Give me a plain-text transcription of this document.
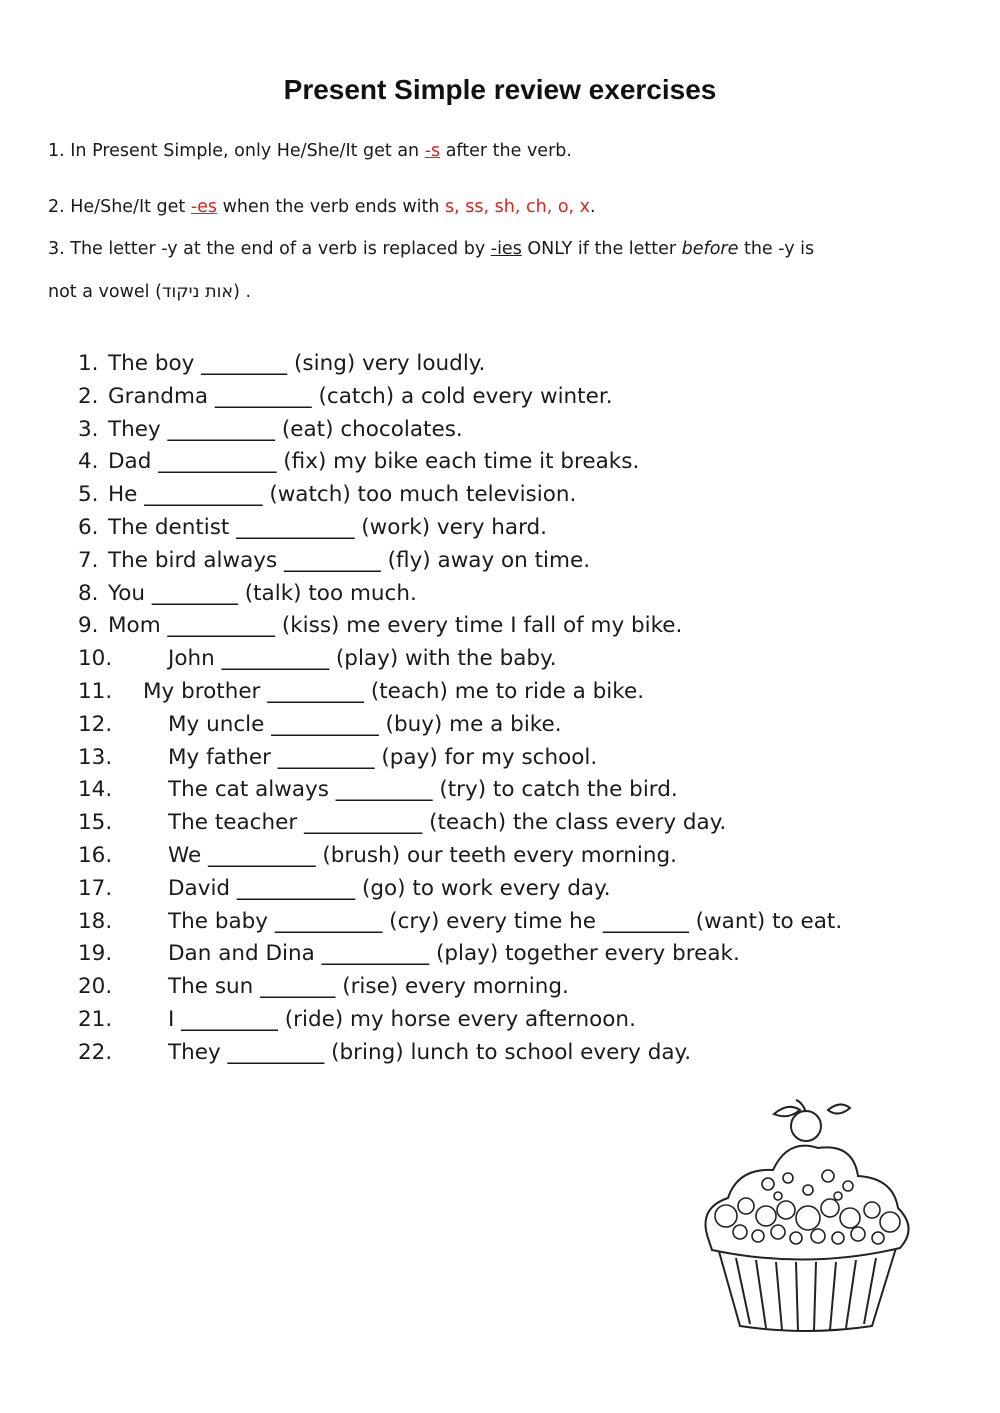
Present Simple review exercises
1. In Present Simple, only He/She/It get an -s after the verb.
2. He/She/It get -es when the verb ends with s, ss, sh, ch, o, x.
3. The letter -y at the end of a verb is replaced by -ies ONLY if the letter before the -y is
not a vowel (אות ניקוד) .
1. The boy ________ (sing) very loudly.
2. Grandma _________ (catch) a cold every winter.
3. They __________ (eat) chocolates.
4. Dad ___________ (fix) my bike each time it breaks.
5. He ___________ (watch) too much television.
6. The dentist ___________ (work) very hard.
7. The bird always _________ (fly) away on time.
8. You ________ (talk) too much.
9. Mom __________ (kiss) me every time I fall of my bike.
10.	John __________ (play) with the baby.
11. My brother _________ (teach) me to ride a bike.
12.	My uncle __________ (buy) me a bike.
13.	My father _________ (pay) for my school.
14.	The cat always _________ (try) to catch the bird.
15.	The teacher ___________ (teach) the class every day.
16.	We __________ (brush) our teeth every morning.
17.	David ___________ (go) to work every day.
18.	The baby __________ (cry) every time he ________ (want) to eat.
19.	Dan and Dina __________ (play) together every break.
20.	The sun _______ (rise) every morning.
21.	I _________ (ride) my horse every afternoon.
22.	They _________ (bring) lunch to school every day.
